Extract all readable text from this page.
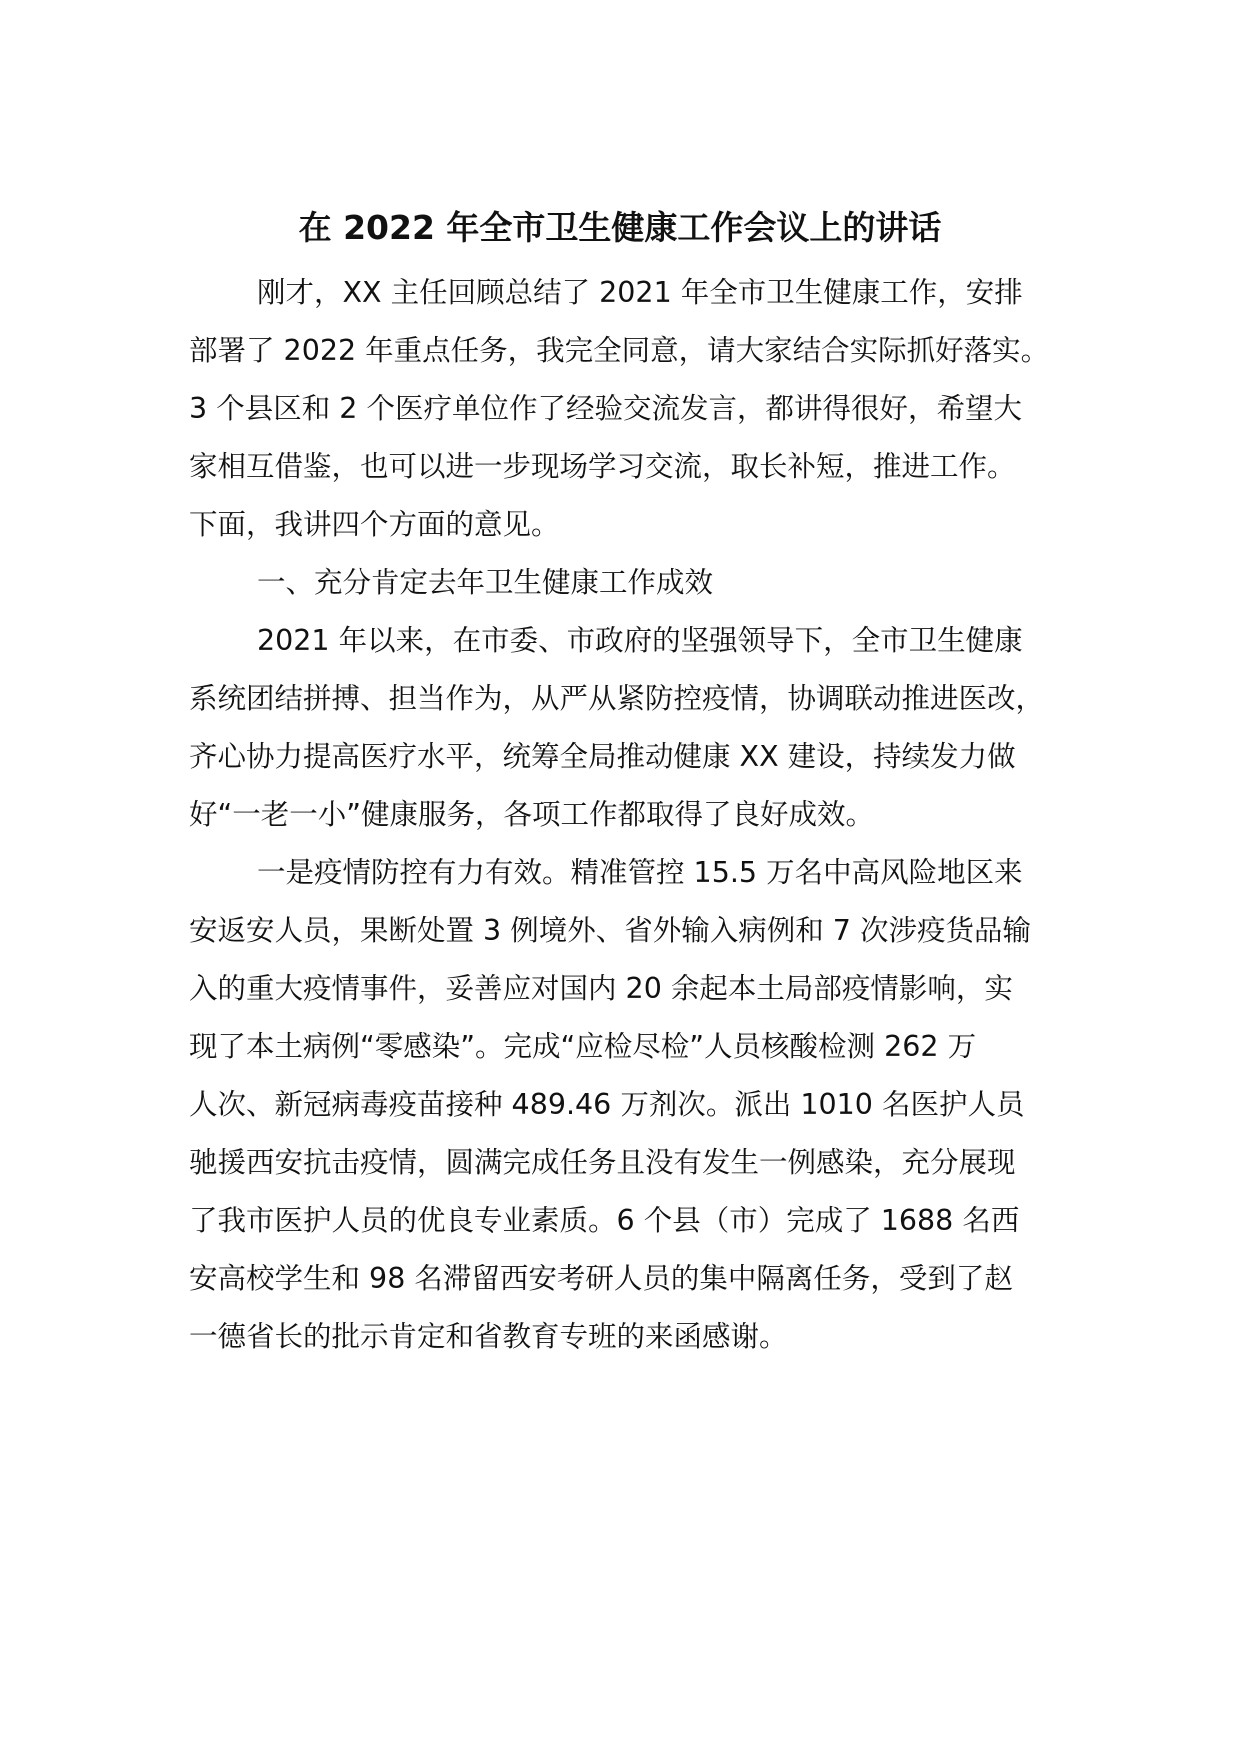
在 2022 年全市卫生健康工作会议上的讲话

刚才，XX 主任回顾总结了 2021 年全市卫生健康工作，安排

部署了 2022 年重点任务，我完全同意，请大家结合实际抓好落实。

3 个县区和 2 个医疗单位作了经验交流发言，都讲得很好，希望大

家相互借鉴，也可以进一步现场学习交流，取长补短，推进工作。

下面，我讲四个方面的意见。

一、充分肯定去年卫生健康工作成效

2021 年以来，在市委、市政府的坚强领导下，全市卫生健康

系统团结拼搏、担当作为，从严从紧防控疫情，协调联动推进医改，

齐心协力提高医疗水平，统筹全局推动健康 XX 建设，持续发力做

好“一老一小”健康服务，各项工作都取得了良好成效。

一是疫情防控有力有效。精准管控 15.5 万名中高风险地区来

安返安人员，果断处置 3 例境外、省外输入病例和 7 次涉疫货品输

入的重大疫情事件，妥善应对国内 20 余起本土局部疫情影响，实

现了本土病例“零感染”。完成“应检尽检”人员核酸检测 262 万

人次、新冠病毒疫苗接种 489.46 万剂次。派出 1010 名医护人员

驰援西安抗击疫情，圆满完成任务且没有发生一例感染，充分展现

了我市医护人员的优良专业素质。6 个县（市）完成了 1688 名西

安高校学生和 98 名滞留西安考研人员的集中隔离任务，受到了赵

一德省长的批示肯定和省教育专班的来函感谢。
